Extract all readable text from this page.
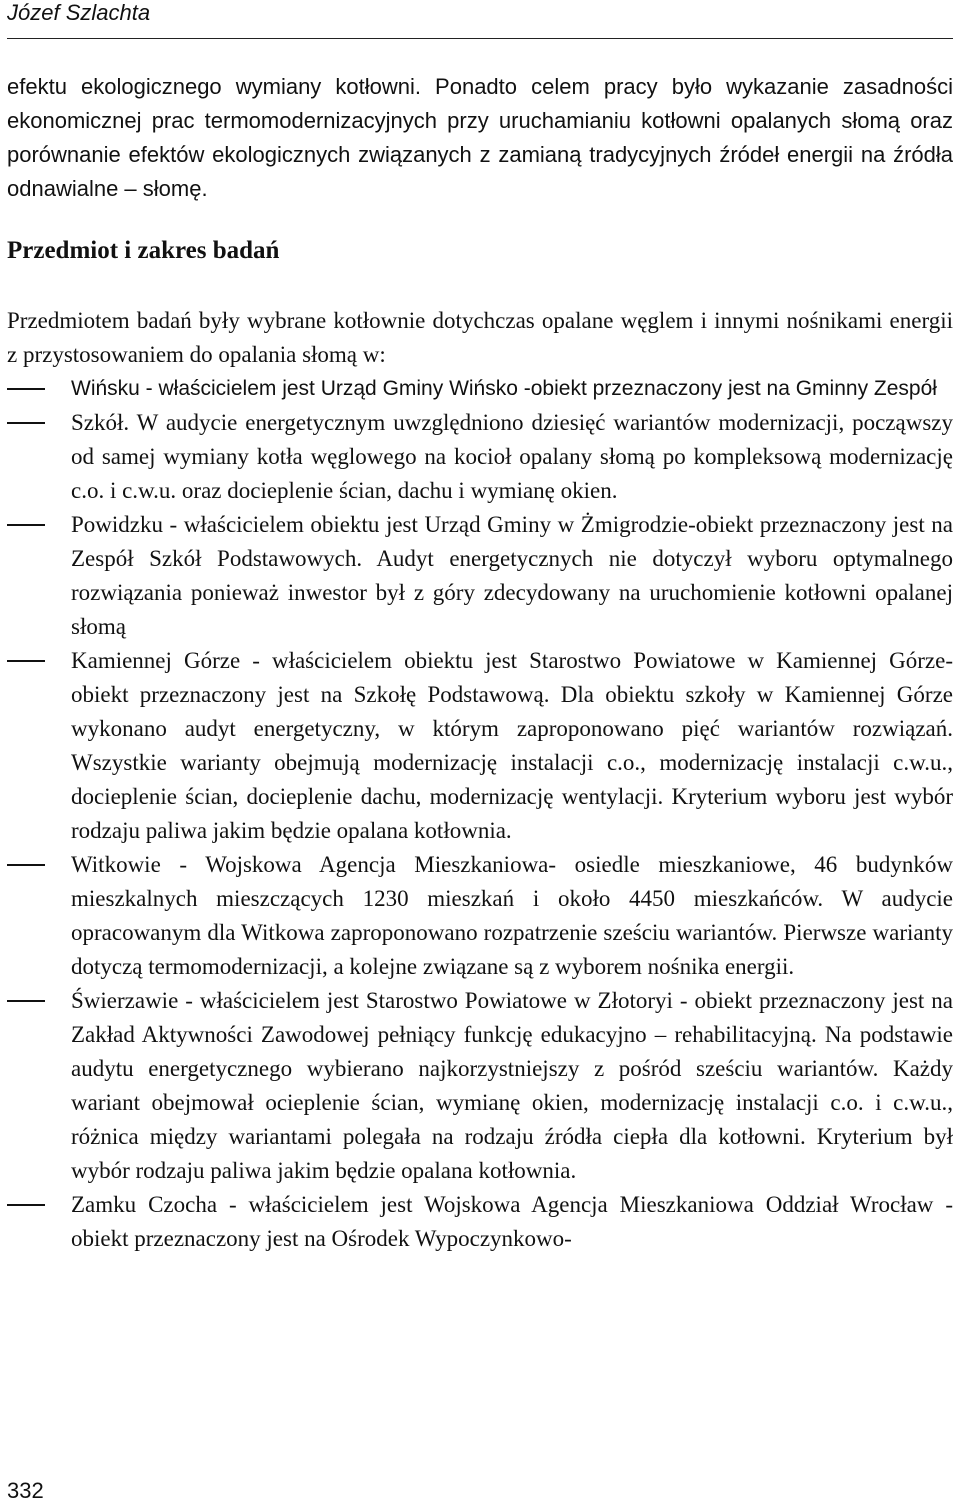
Józef Szlachta

efektu ekologicznego wymiany kotłowni. Ponadto celem pracy było wykazanie zasadności ekonomicznej prac termomodernizacyjnych przy uruchamianiu kotłowni opalanych słomą oraz porównanie efektów ekologicznych związanych z zamianą tradycyjnych źródeł energii na źródła odnawialne – słomę.

Przedmiot i zakres badań
Przedmiotem badań były wybrane kotłownie dotychczas opalane węglem i innymi nośnikami energii z przystosowaniem do opalania słomą w:
Wińsku - właścicielem jest Urząd Gminy Wińsko -obiekt przeznaczony jest na Gminny Zespół
Szkół. W audycie energetycznym uwzględniono dziesięć wariantów modernizacji, począwszy od samej wymiany kotła węglowego na kocioł opalany słomą po kompleksową modernizację c.o. i c.w.u. oraz docieplenie ścian, dachu i wymianę okien.
Powidzku - właścicielem obiektu jest Urząd Gminy w Żmigrodzie-obiekt przeznaczony jest na Zespół Szkół Podstawowych. Audyt energetycznych nie dotyczył wyboru optymalnego rozwiązania ponieważ inwestor był z góry zdecydowany na uruchomienie kotłowni opalanej słomą
Kamiennej Górze - właścicielem obiektu jest Starostwo Powiatowe w Kamiennej Górze- obiekt przeznaczony jest na Szkołę Podstawową. Dla obiektu szkoły w Kamiennej Górze wykonano audyt energetyczny, w którym zaproponowano pięć wariantów rozwiązań. Wszystkie warianty obejmują modernizację instalacji c.o., modernizację instalacji c.w.u., docieplenie ścian, docieplenie dachu, modernizację wentylacji. Kryterium wyboru jest wybór rodzaju paliwa jakim będzie opalana kotłownia.
Witkowie - Wojskowa Agencja Mieszkaniowa- osiedle mieszkaniowe, 46 budynków mieszkalnych mieszczących 1230 mieszkań i około 4450 mieszkańców. W audycie opracowanym dla Witkowa zaproponowano rozpatrzenie sześciu wariantów. Pierwsze warianty dotyczą termomodernizacji, a kolejne związane są z wyborem nośnika energii.
Świerzawie - właścicielem jest Starostwo Powiatowe w Złotoryi - obiekt przeznaczony jest na Zakład Aktywności Zawodowej pełniący funkcję edukacyjno – rehabilitacyjną. Na podstawie audytu energetycznego wybierano najkorzystniejszy z pośród sześciu wariantów. Każdy wariant obejmował ocieplenie ścian, wymianę okien, modernizację instalacji c.o. i c.w.u., różnica między wariantami polegała na rodzaju źródła ciepła dla kotłowni. Kryterium był wybór rodzaju paliwa jakim będzie opalana kotłownia.
Zamku Czocha - właścicielem jest Wojskowa Agencja Mieszkaniowa Oddział Wrocław - obiekt przeznaczony jest na Ośrodek Wypoczynkowo-
332
